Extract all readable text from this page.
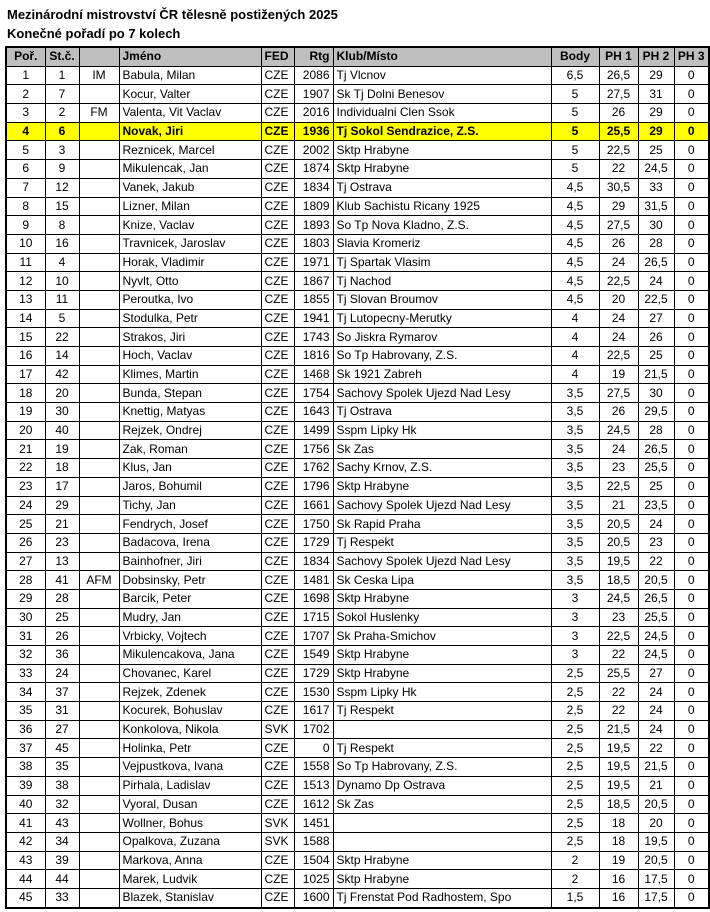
Mezinárodní mistrovství ČR tělesně postižených 2025
Konečné pořadí po 7 kolech
Poř.	St.č.		Jméno	FED	Rtg	Klub/Místo	Body	PH 1	PH 2	PH 3
1	1	IM	Babula, Milan	CZE	2086	Tj Vlcnov	6,5	26,5	29	0
2	7		Kocur, Valter	CZE	1907	Sk Tj Dolni Benesov	5	27,5	31	0
3	2	FM	Valenta, Vit Vaclav	CZE	2016	Individualni Clen Ssok	5	26	29	0
4	6		Novak, Jiri	CZE	1936	Tj Sokol Sendrazice, Z.S.	5	25,5	29	0
5	3		Reznicek, Marcel	CZE	2002	Sktp Hrabyne	5	22,5	25	0
6	9		Mikulencak, Jan	CZE	1874	Sktp Hrabyne	5	22	24,5	0
7	12		Vanek, Jakub	CZE	1834	Tj Ostrava	4,5	30,5	33	0
8	15		Lizner, Milan	CZE	1809	Klub Sachistu Ricany 1925	4,5	29	31,5	0
9	8		Knize, Vaclav	CZE	1893	So Tp Nova Kladno, Z.S.	4,5	27,5	30	0
10	16		Travnicek, Jaroslav	CZE	1803	Slavia Kromeriz	4,5	26	28	0
11	4		Horak, Vladimir	CZE	1971	Tj Spartak Vlasim	4,5	24	26,5	0
12	10		Nyvlt, Otto	CZE	1867	Tj Nachod	4,5	22,5	24	0
13	11		Peroutka, Ivo	CZE	1855	Tj Slovan Broumov	4,5	20	22,5	0
14	5		Stodulka, Petr	CZE	1941	Tj Lutopecny-Merutky	4	24	27	0
15	22		Strakos, Jiri	CZE	1743	So Jiskra Rymarov	4	24	26	0
16	14		Hoch, Vaclav	CZE	1816	So Tp Habrovany, Z.S.	4	22,5	25	0
17	42		Klimes, Martin	CZE	1468	Sk 1921 Zabreh	4	19	21,5	0
18	20		Bunda, Stepan	CZE	1754	Sachovy Spolek Ujezd Nad Lesy	3,5	27,5	30	0
19	30		Knettig, Matyas	CZE	1643	Tj Ostrava	3,5	26	29,5	0
20	40		Rejzek, Ondrej	CZE	1499	Sspm Lipky Hk	3,5	24,5	28	0
21	19		Zak, Roman	CZE	1756	Sk Zas	3,5	24	26,5	0
22	18		Klus, Jan	CZE	1762	Sachy Krnov, Z.S.	3,5	23	25,5	0
23	17		Jaros, Bohumil	CZE	1796	Sktp Hrabyne	3,5	22,5	25	0
24	29		Tichy, Jan	CZE	1661	Sachovy Spolek Ujezd Nad Lesy	3,5	21	23,5	0
25	21		Fendrych, Josef	CZE	1750	Sk Rapid Praha	3,5	20,5	24	0
26	23		Badacova, Irena	CZE	1729	Tj Respekt	3,5	20,5	23	0
27	13		Bainhofner, Jiri	CZE	1834	Sachovy Spolek Ujezd Nad Lesy	3,5	19,5	22	0
28	41	AFM	Dobsinsky, Petr	CZE	1481	Sk Ceska Lipa	3,5	18,5	20,5	0
29	28		Barcik, Peter	CZE	1698	Sktp Hrabyne	3	24,5	26,5	0
30	25		Mudry, Jan	CZE	1715	Sokol Huslenky	3	23	25,5	0
31	26		Vrbicky, Vojtech	CZE	1707	Sk Praha-Smichov	3	22,5	24,5	0
32	36		Mikulencakova, Jana	CZE	1549	Sktp Hrabyne	3	22	24,5	0
33	24		Chovanec, Karel	CZE	1729	Sktp Hrabyne	2,5	25,5	27	0
34	37		Rejzek, Zdenek	CZE	1530	Sspm Lipky Hk	2,5	22	24	0
35	31		Kocurek, Bohuslav	CZE	1617	Tj Respekt	2,5	22	24	0
36	27		Konkolova, Nikola	SVK	1702		2,5	21,5	24	0
37	45		Holinka, Petr	CZE	0	Tj Respekt	2,5	19,5	22	0
38	35		Vejpustkova, Ivana	CZE	1558	So Tp Habrovany, Z.S.	2,5	19,5	21,5	0
39	38		Pirhala, Ladislav	CZE	1513	Dynamo Dp Ostrava	2,5	19,5	21	0
40	32		Vyoral, Dusan	CZE	1612	Sk Zas	2,5	18,5	20,5	0
41	43		Wollner, Bohus	SVK	1451		2,5	18	20	0
42	34		Opalkova, Zuzana	SVK	1588		2,5	18	19,5	0
43	39		Markova, Anna	CZE	1504	Sktp Hrabyne	2	19	20,5	0
44	44		Marek, Ludvik	CZE	1025	Sktp Hrabyne	2	16	17,5	0
45	33		Blazek, Stanislav	CZE	1600	Tj Frenstat Pod Radhostem, Spo	1,5	16	17,5	0
